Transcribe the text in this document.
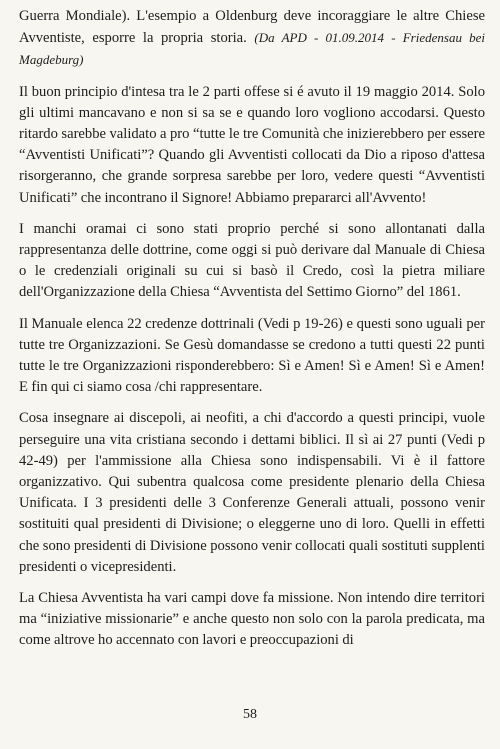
Guerra Mondiale). L'esempio a Oldenburg deve incoraggiare le altre Chiese Avventiste, esporre la propria storia. (Da APD - 01.09.2014 - Friedensau bei Magdeburg)

Il buon principio d'intesa tra le 2 parti offese si é avuto il 19 maggio 2014. Solo gli ultimi mancavano e non si sa se e quando loro vogliono accodarsi. Questo ritardo sarebbe validato a pro “tutte le tre Comunità che inizierebbero per essere “Avventisti Unificati”? Quando gli Avventisti collocati da Dio a riposo d'attesa risorgeranno, che grande sorpresa sarebbe per loro, vedere questi “Avventisti Unificati” che incontrano il Signore! Abbiamo prepararci all'Avvento!

I manchi oramai ci sono stati proprio perché si sono allontanati dalla rappresentanza delle dottrine, come oggi si può derivare dal Manuale di Chiesa o le credenziali originali su cui si basò il Credo, così la pietra miliare dell'Organizzazione della Chiesa “Avventista del Settimo Giorno” del 1861.

Il Manuale elenca 22 credenze dottrinali (Vedi p 19-26) e questi sono uguali per tutte tre Organizzazioni. Se Gesù domandasse se credono a tutti questi 22 punti tutte le tre Organizzazioni risponderebbero: Sì e Amen! Sì e Amen! Sì e Amen! E fin qui ci siamo cosa /chi rappresentare.

Cosa insegnare ai discepoli, ai neofiti, a chi d'accordo a questi principi, vuole perseguire una vita cristiana secondo i dettami biblici. Il sì ai 27 punti (Vedi p 42-49) per l'ammissione alla Chiesa sono indispensabili. Vi è il fattore organizzativo. Qui subentra qualcosa come presidente plenario della Chiesa Unificata. I 3 presidenti delle 3 Conferenze Generali attuali, possono venir sostituiti qual presidenti di Divisione; o eleggerne uno di loro. Quelli in effetti che sono presidenti di Divisione possono venir collocati quali sostituti supplenti presidenti o vicepresidenti.

La Chiesa Avventista ha vari campi dove fa missione. Non intendo dire territori ma “iniziative missionarie” e anche questo non solo con la parola predicata, ma come altrove ho accennato con lavori e preoccupazioni di

58
